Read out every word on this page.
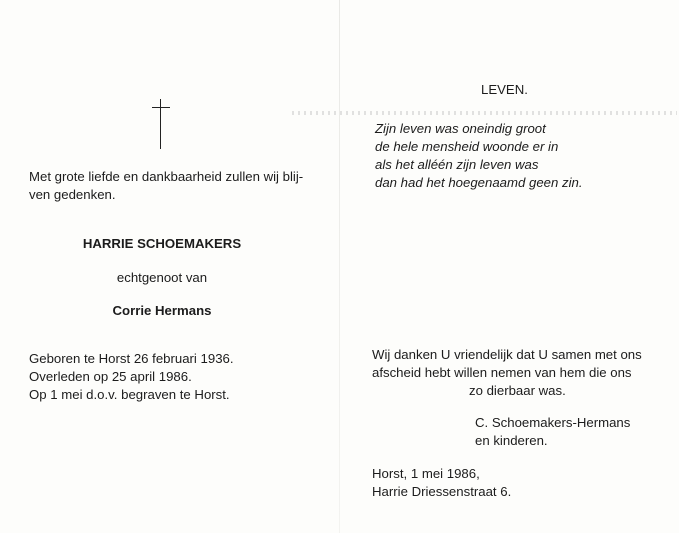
Met grote liefde en dankbaarheid zullen wij blij-
ven gedenken.
HARRIE SCHOEMAKERS
echtgenoot van
Corrie Hermans
Geboren te Horst 26 februari 1936.
Overleden op 25 april 1986.
Op 1 mei d.o.v. begraven te Horst.
LEVEN.
Zijn leven was oneindig groot
de hele mensheid woonde er in
als het alléén zijn leven was
dan had het hoegenaamd geen zin.
Wij danken U vriendelijk dat U samen met ons
afscheid hebt willen nemen van hem die ons
zo dierbaar was.
C. Schoemakers-Hermans
en kinderen.
Horst, 1 mei 1986,
Harrie Driessenstraat 6.
